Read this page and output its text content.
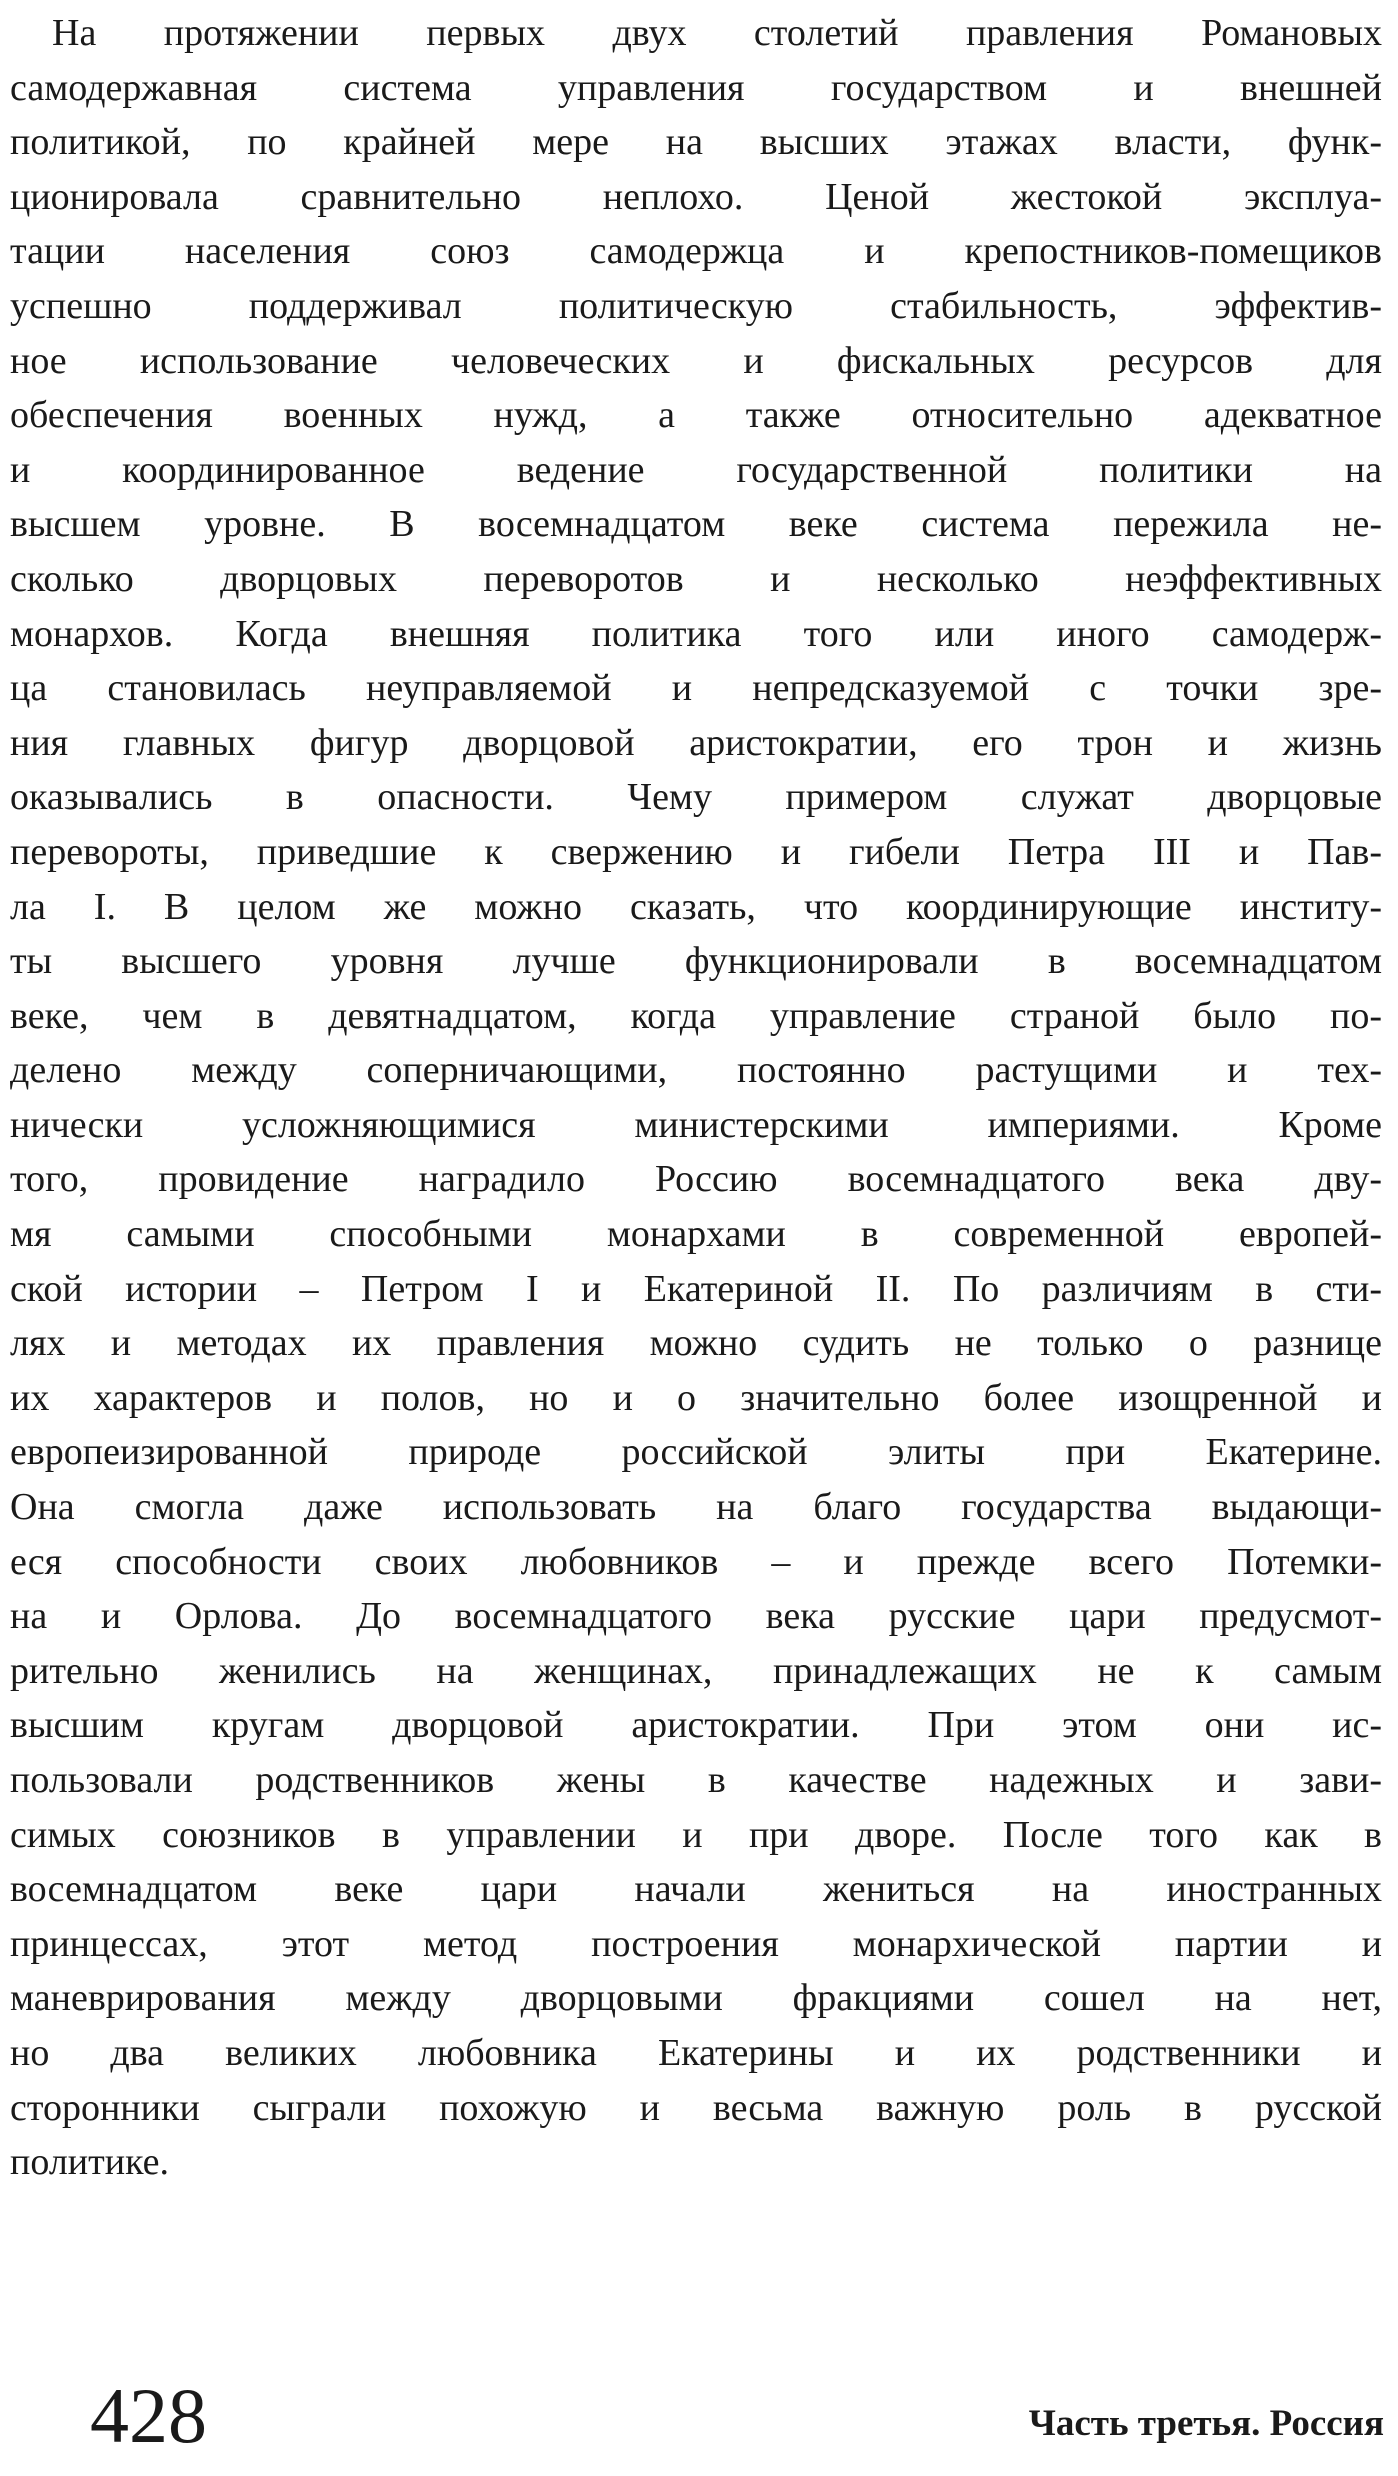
На протяжении первых двух столетий правления Романовых
самодержавная система управления государством и внешней
политикой, по крайней мере на высших этажах власти, функ-
ционировала сравнительно неплохо. Ценой жестокой эксплуа-
тации населения союз самодержца и крепостников-помещиков
успешно поддерживал политическую стабильность, эффектив-
ное использование человеческих и фискальных ресурсов для
обеспечения военных нужд, а также относительно адекватное
и координированное ведение государственной политики на
высшем уровне. В восемнадцатом веке система пережила не-
сколько дворцовых переворотов и несколько неэффективных
монархов. Когда внешняя политика того или иного самодерж-
ца становилась неуправляемой и непредсказуемой с точки зре-
ния главных фигур дворцовой аристократии, его трон и жизнь
оказывались в опасности. Чему примером служат дворцовые
перевороты, приведшие к свержению и гибели Петра III и Пав-
ла I. В целом же можно сказать, что координирующие институ-
ты высшего уровня лучше функционировали в восемнадцатом
веке, чем в девятнадцатом, когда управление страной было по-
делено между соперничающими, постоянно растущими и тех-
нически усложняющимися министерскими империями. Кроме
того, провидение наградило Россию восемнадцатого века дву-
мя самыми способными монархами в современной европей-
ской истории – Петром I и Екатериной II. По различиям в сти-
лях и методах их правления можно судить не только о разнице
их характеров и полов, но и о значительно более изощренной и
европеизированной природе российской элиты при Екатерине.
Она смогла даже использовать на благо государства выдающи-
еся способности своих любовников – и прежде всего Потемки-
на и Орлова. До восемнадцатого века русские цари предусмот-
рительно женились на женщинах, принадлежащих не к самым
высшим кругам дворцовой аристократии. При этом они ис-
пользовали родственников жены в качестве надежных и зави-
симых союзников в управлении и при дворе. После того как в
восемнадцатом веке цари начали жениться на иностранных
принцессах, этот метод построения монархической партии и
маневрирования между дворцовыми фракциями сошел на нет,
но два великих любовника Екатерины и их родственники и
сторонники сыграли похожую и весьма важную роль в русской
политике.
428	Часть третья. Россия
